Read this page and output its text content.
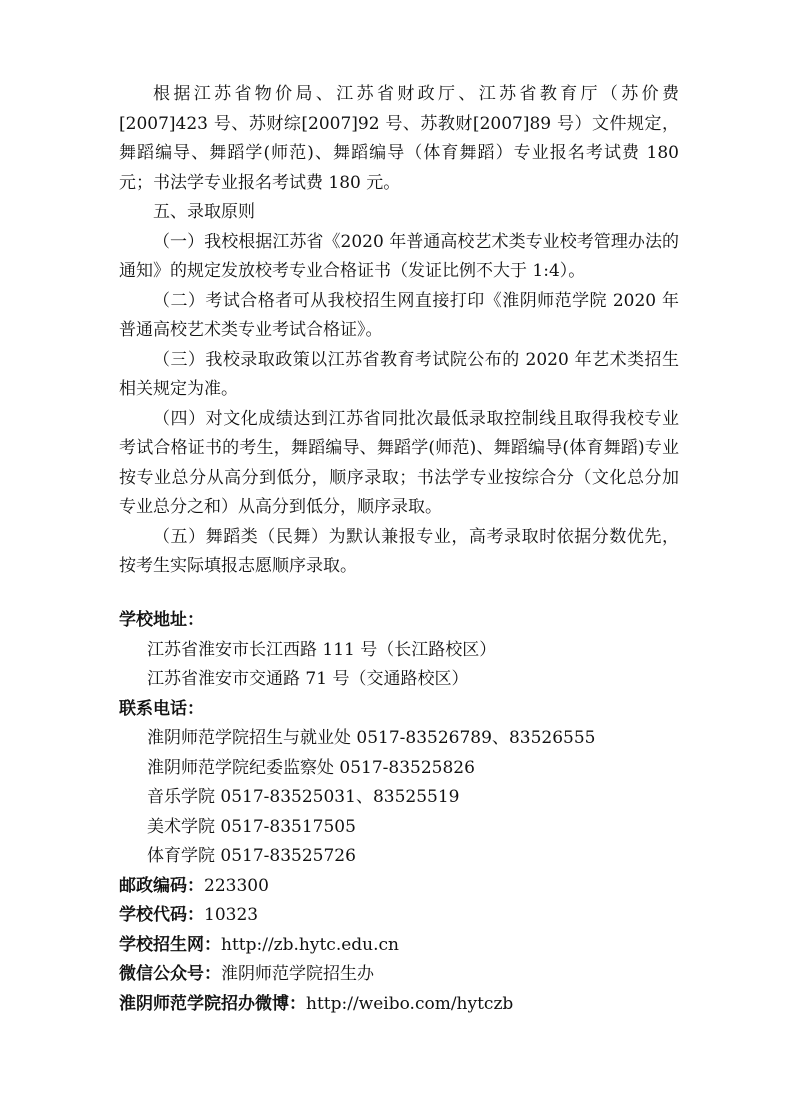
根据江苏省物价局、江苏省财政厅、江苏省教育厅（苏价费[2007]423 号、苏财综[2007]92 号、苏教财[2007]89 号）文件规定，舞蹈编导、舞蹈学(师范)、舞蹈编导（体育舞蹈）专业报名考试费 180 元；书法学专业报名考试费 180 元。

五、录取原则

（一）我校根据江苏省《2020 年普通高校艺术类专业校考管理办法的通知》的规定发放校考专业合格证书（发证比例不大于 1:4）。

（二）考试合格者可从我校招生网直接打印《淮阴师范学院 2020 年普通高校艺术类专业考试合格证》。

（三）我校录取政策以江苏省教育考试院公布的 2020 年艺术类招生相关规定为准。

（四）对文化成绩达到江苏省同批次最低录取控制线且取得我校专业考试合格证书的考生，舞蹈编导、舞蹈学(师范)、舞蹈编导(体育舞蹈)专业按专业总分从高分到低分，顺序录取；书法学专业按综合分（文化总分加专业总分之和）从高分到低分，顺序录取。

（五）舞蹈类（民舞）为默认兼报专业，高考录取时依据分数优先，按考生实际填报志愿顺序录取。

学校地址：
江苏省淮安市长江西路 111 号（长江路校区）
江苏省淮安市交通路 71 号（交通路校区）
联系电话：
淮阴师范学院招生与就业处 0517-83526789、83526555
淮阴师范学院纪委监察处 0517-83525826
音乐学院 0517-83525031、83525519
美术学院 0517-83517505
体育学院 0517-83525726
邮政编码：223300
学校代码：10323
学校招生网：http://zb.hytc.edu.cn
微信公众号：淮阴师范学院招生办
淮阴师范学院招办微博：http://weibo.com/hytczb
